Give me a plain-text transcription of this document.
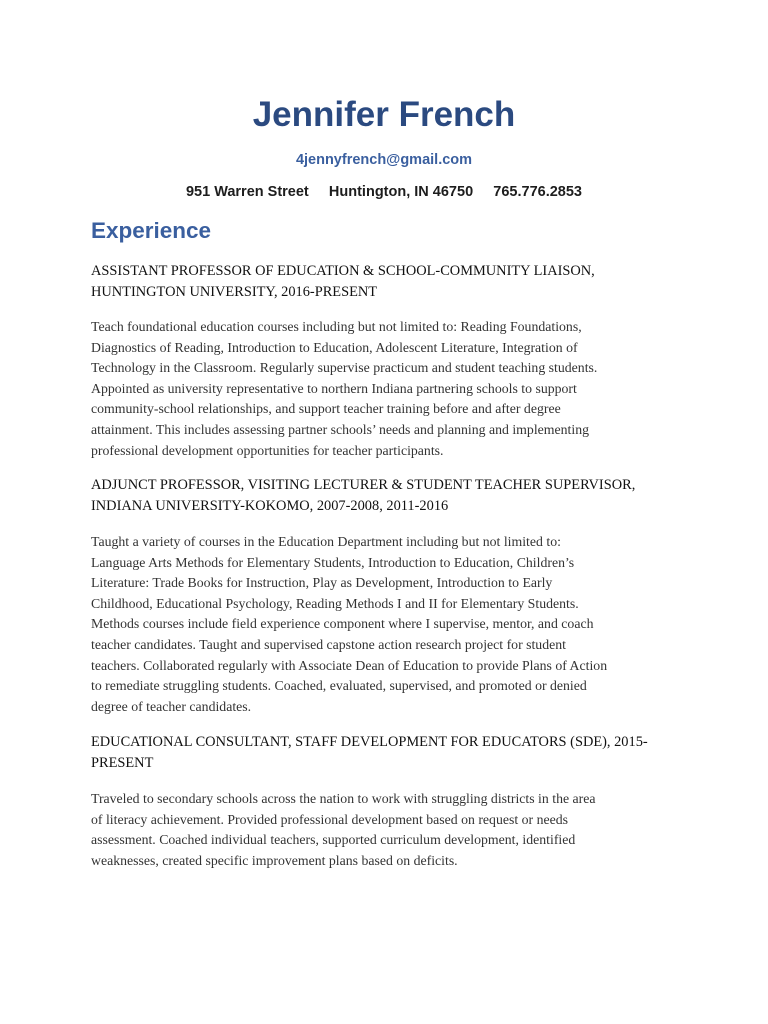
Jennifer French
4jennyfrench@gmail.com
951 Warren Street Huntington, IN 46750 765.776.2853
Experience
ASSISTANT PROFESSOR OF EDUCATION & SCHOOL-COMMUNITY LIAISON,
HUNTINGTON UNIVERSITY, 2016-PRESENT
Teach foundational education courses including but not limited to: Reading Foundations,
Diagnostics of Reading, Introduction to Education, Adolescent Literature, Integration of
Technology in the Classroom. Regularly supervise practicum and student teaching students.
Appointed as university representative to northern Indiana partnering schools to support
community-school relationships, and support teacher training before and after degree
attainment. This includes assessing partner schools’ needs and planning and implementing
professional development opportunities for teacher participants.
ADJUNCT PROFESSOR, VISITING LECTURER & STUDENT TEACHER SUPERVISOR,
INDIANA UNIVERSITY-KOKOMO, 2007-2008, 2011-2016
Taught a variety of courses in the Education Department including but not limited to:
Language Arts Methods for Elementary Students, Introduction to Education, Children’s
Literature: Trade Books for Instruction, Play as Development, Introduction to Early
Childhood, Educational Psychology, Reading Methods I and II for Elementary Students.
Methods courses include field experience component where I supervise, mentor, and coach
teacher candidates. Taught and supervised capstone action research project for student
teachers. Collaborated regularly with Associate Dean of Education to provide Plans of Action
to remediate struggling students. Coached, evaluated, supervised, and promoted or denied
degree of teacher candidates.
EDUCATIONAL CONSULTANT, STAFF DEVELOPMENT FOR EDUCATORS (SDE), 2015-
PRESENT
Traveled to secondary schools across the nation to work with struggling districts in the area
of literacy achievement. Provided professional development based on request or needs
assessment. Coached individual teachers, supported curriculum development, identified
weaknesses, created specific improvement plans based on deficits.
